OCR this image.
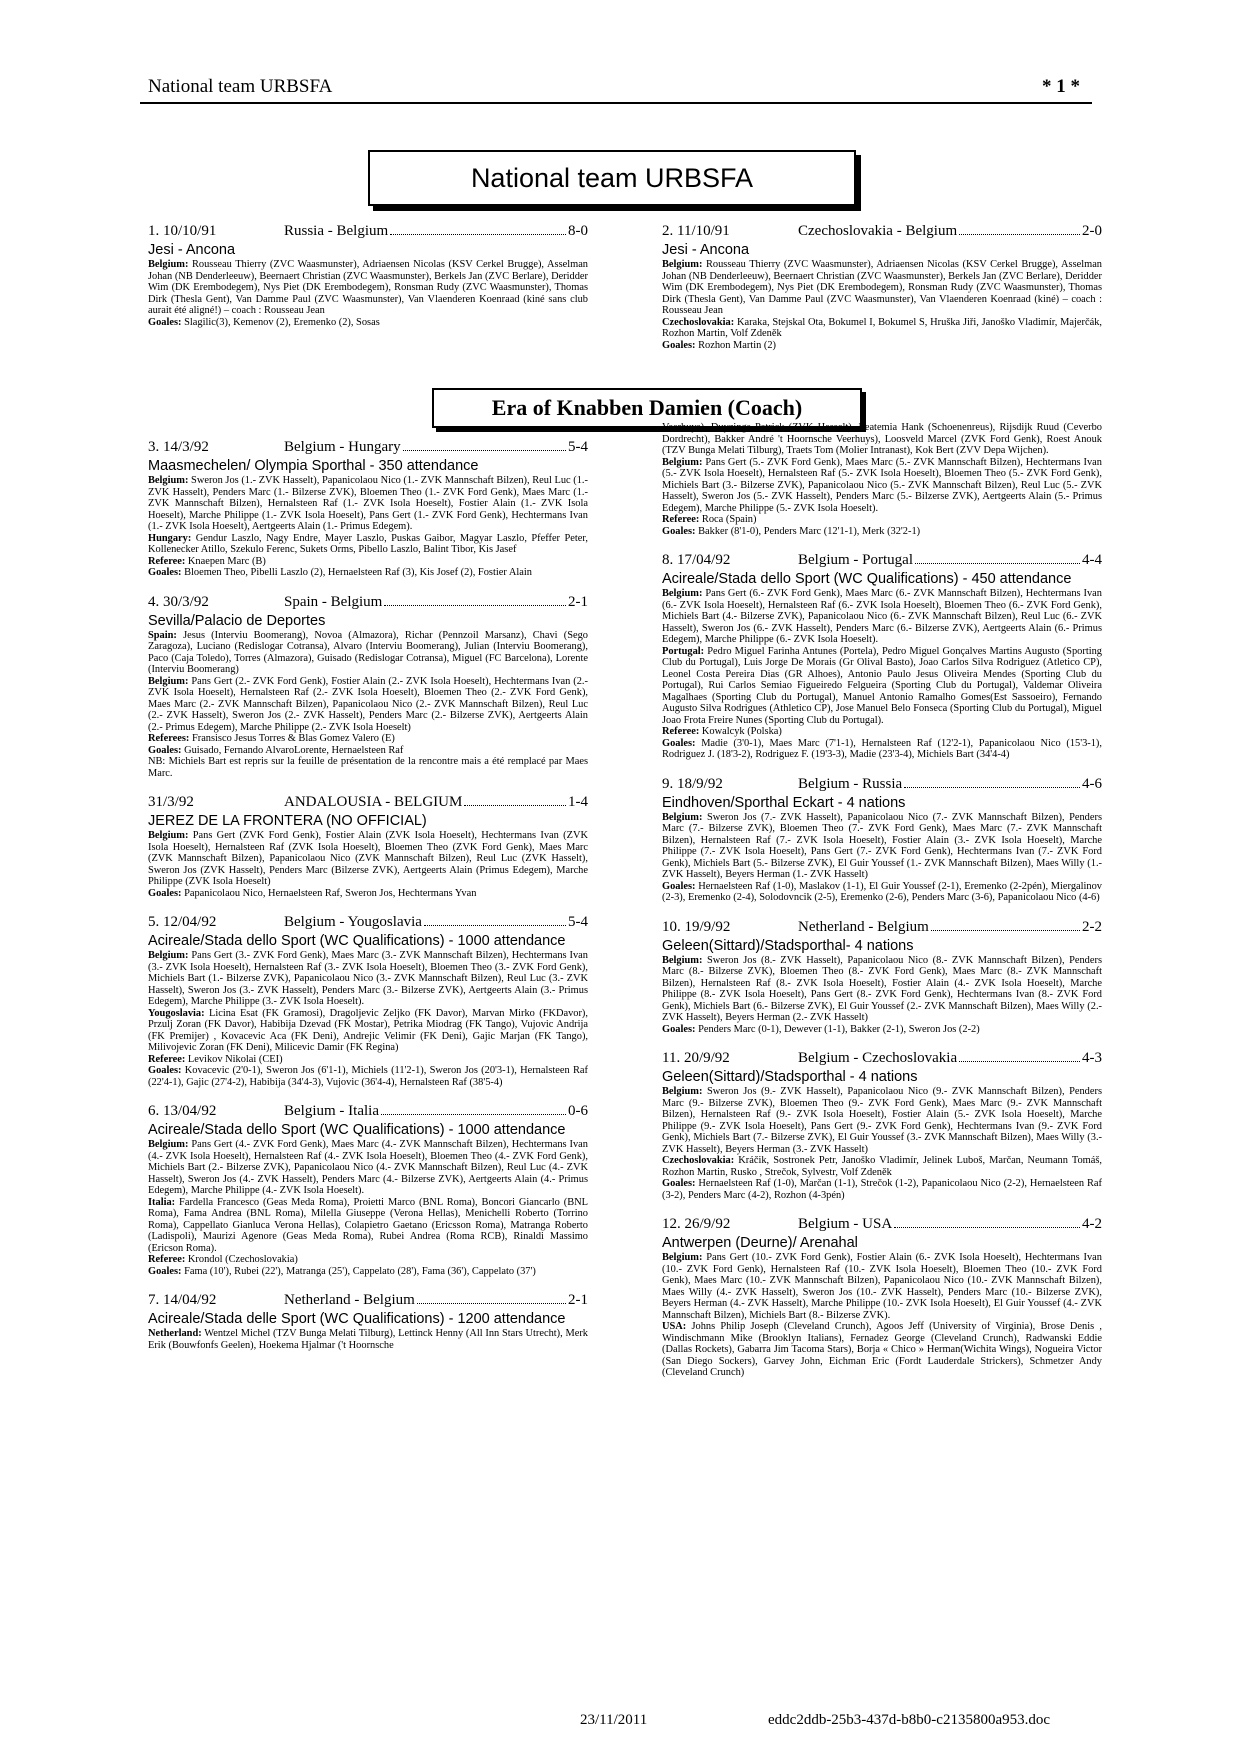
National team URBSFA	* 1 *
National team URBSFA
1. 10/10/91	Russia - Belgium	8-0
Jesi - Ancona
Belgium: Rousseau Thierry (ZVC Waasmunster), Adriaensen Nicolas (KSV Cerkel Brugge), Asselman Johan (NB Denderleeuw), Beernaert Christian (ZVC Waasmunster), Berkels Jan (ZVC Berlare), Deridder Wim (DK Erembodegem), Nys Piet (DK Erembodegem), Ronsman Rudy (ZVC Waasmunster), Thomas Dirk (Thesla Gent), Van Damme Paul (ZVC Waasmunster), Van Vlaenderen Koenraad (kiné sans club aurait été aligné!) – coach : Rousseau Jean
Goales: Slagilic(3), Kemenov (2), Eremenko (2), Sosas
2. 11/10/91	Czechoslovakia - Belgium	2-0
Jesi - Ancona
Belgium: Rousseau Thierry (ZVC Waasmunster), Adriaensen Nicolas (KSV Cerkel Brugge), Asselman Johan (NB Denderleeuw), Beernaert Christian (ZVC Waasmunster), Berkels Jan (ZVC Berlare), Deridder Wim (DK Erembodegem), Nys Piet (DK Erembodegem), Ronsman Rudy (ZVC Waasmunster), Thomas Dirk (Thesla Gent), Van Damme Paul (ZVC Waasmunster), Van Vlaenderen Koenraad (kiné) – coach : Rousseau Jean
Czechoslovakia: Karaka, Stejskal Ota, Bokumel I, Bokumel S, Hruška Jiři, Janoško Vladimír, Majerčák, Rozhon Martin, Volf Zdeněk
Goales: Rozhon Martin (2)
Era of Knabben Damien (Coach)
3. 14/3/92	Belgium - Hungary	5-4
Maasmechelen/ Olympia Sporthal - 350 attendance
Belgium: Sweron Jos (1.- ZVK Hasselt), Papanicolaou Nico (1.- ZVK Mannschaft Bilzen), Reul Luc (1.- ZVK Hasselt), Penders Marc (1.- Bilzerse ZVK), Bloemen Theo (1.- ZVK Ford Genk), Maes Marc (1.- ZVK Mannschaft Bilzen), Hernalsteen Raf (1.- ZVK Isola Hoeselt), Fostier Alain (1.- ZVK Isola Hoeselt), Marche Philippe (1.- ZVK Isola Hoeselt), Pans Gert (1.- ZVK Ford Genk), Hechtermans Ivan (1.- ZVK Isola Hoeselt), Aertgeerts Alain (1.- Primus Edegem).
Hungary: Gendur Laszlo, Nagy Endre, Mayer Laszlo, Puskas Gaibor, Magyar Laszlo, Pfeffer Peter, Kollenecker Atillo, Szekulo Ferenc, Sukets Orms, Pibello Laszlo, Balint Tibor, Kis Jasef
Referee: Knaepen Marc (B)
Goales: Bloemen Theo, Pibelli Laszlo (2), Hernaelsteen Raf (3), Kis Josef (2), Fostier Alain
4. 30/3/92	Spain - Belgium	2-1
Sevilla/Palacio de Deportes
Spain: Jesus (Interviu Boomerang), Novoa (Almazora), Richar (Pennzoil Marsanz), Chavi (Sego Zaragoza), Luciano (Redislogar Cotransa), Alvaro (Interviu Boomerang), Julian (Interviu Boomerang), Paco (Caja Toledo), Torres (Almazora), Guisado (Redislogar Cotransa), Miguel (FC Barcelona), Lorente (Interviu Boomerang)
Belgium: Pans Gert (2.- ZVK Ford Genk), Fostier Alain (2.- ZVK Isola Hoeselt), Hechtermans Ivan (2.- ZVK Isola Hoeselt), Hernalsteen Raf (2.- ZVK Isola Hoeselt), Bloemen Theo (2.- ZVK Ford Genk), Maes Marc (2.- ZVK Mannschaft Bilzen), Papanicolaou Nico (2.- ZVK Mannschaft Bilzen), Reul Luc (2.- ZVK Hasselt), Sweron Jos (2.- ZVK Hasselt), Penders Marc (2.- Bilzerse ZVK), Aertgeerts Alain (2.- Primus Edegem), Marche Philippe (2.- ZVK Isola Hoeselt)
Referees: Fransisco Jesus Torres & Blas Gomez Valero (E)
Goales: Guisado, Fernando AlvaroLorente, Hernaelsteen Raf
NB: Michiels Bart est repris sur la feuille de présentation de la rencontre mais a été remplacé par Maes Marc.
31/3/92	ANDALOUSIA - BELGIUM	1-4
JEREZ DE LA FRONTERA (NO OFFICIAL)
Belgium: Pans Gert (ZVK Ford Genk), Fostier Alain (ZVK Isola Hoeselt), Hechtermans Ivan (ZVK Isola Hoeselt), Hernalsteen Raf (ZVK Isola Hoeselt), Bloemen Theo (ZVK Ford Genk), Maes Marc (ZVK Mannschaft Bilzen), Papanicolaou Nico (ZVK Mannschaft Bilzen), Reul Luc (ZVK Hasselt), Sweron Jos (ZVK Hasselt), Penders Marc (Bilzerse ZVK), Aertgeerts Alain (Primus Edegem), Marche Philippe (ZVK Isola Hoeselt)
Goales: Papanicolaou Nico, Hernaelsteen Raf, Sweron Jos, Hechtermans Yvan
5. 12/04/92	Belgium - Yougoslavia	5-4
Acireale/Stada dello Sport (WC Qualifications) - 1000 attendance
Belgium: Pans Gert (3.- ZVK Ford Genk), Maes Marc (3.- ZVK Mannschaft Bilzen), Hechtermans Ivan (3.- ZVK Isola Hoeselt), Hernalsteen Raf (3.- ZVK Isola Hoeselt), Bloemen Theo (3.- ZVK Ford Genk), Michiels Bart (1.- Bilzerse ZVK), Papanicolaou Nico (3.- ZVK Mannschaft Bilzen), Reul Luc (3.- ZVK Hasselt), Sweron Jos (3.- ZVK Hasselt), Penders Marc (3.- Bilzerse ZVK), Aertgeerts Alain (3.- Primus Edegem), Marche Philippe (3.- ZVK Isola Hoeselt).
Yougoslavia: Licina Esat (FK Gramosi), Dragoljevic Zeljko (FK Davor), Marvan Mirko (FKDavor), Przulj Zoran (FK Davor), Habibija Dzevad (FK Mostar), Petrika Miodrag (FK Tango), Vujovic Andrija (FK Premijer) , Kovacevic Aca (FK Deni), Andrejic Velimir (FK Deni), Gajic Marjan (FK Tango), Milivojevic Zoran (FK Deni), Milicevic Damir (FK Regina)
Referee: Levikov Nikolai (CEI)
Goales: Kovacevic (2'0-1), Sweron Jos (6'1-1), Michiels (11'2-1), Sweron Jos (20'3-1), Hernalsteen Raf (22'4-1), Gajic (27'4-2), Habibija (34'4-3), Vujovic (36'4-4), Hernalsteen Raf (38'5-4)
6. 13/04/92	Belgium - Italia	0-6
Acireale/Stada dello Sport (WC Qualifications) - 1000 attendance
Belgium: Pans Gert (4.- ZVK Ford Genk), Maes Marc (4.- ZVK Mannschaft Bilzen), Hechtermans Ivan (4.- ZVK Isola Hoeselt), Hernalsteen Raf (4.- ZVK Isola Hoeselt), Bloemen Theo (4.- ZVK Ford Genk), Michiels Bart (2.- Bilzerse ZVK), Papanicolaou Nico (4.- ZVK Mannschaft Bilzen), Reul Luc (4.- ZVK Hasselt), Sweron Jos (4.- ZVK Hasselt), Penders Marc (4.- Bilzerse ZVK), Aertgeerts Alain (4.- Primus Edegem), Marche Philippe (4.- ZVK Isola Hoeselt).
Italia: Fardella Francesco (Geas Meda Roma), Proietti Marco (BNL Roma), Boncori Giancarlo (BNL Roma), Fama Andrea (BNL Roma), Milella Giuseppe (Verona Hellas), Menichelli Roberto (Torrino Roma), Cappellato Gianluca Verona Hellas), Colapietro Gaetano (Ericsson Roma), Matranga Roberto (Ladispoli), Maurizi Agenore (Geas Meda Roma), Rubei Andrea (Roma RCB), Rinaldi Massimo (Ericson Roma).
Referee: Krondol (Czechoslovakia)
Goales: Fama (10'), Rubei (22'), Matranga (25'), Cappelato (28'), Fama (36'), Cappelato (37')
7. 14/04/92	Netherland - Belgium	2-1
Acireale/Stada delle Sport (WC Qualifications) - 1200 attendance
Netherland: Wentzel Michel (TZV Bunga Melati Tilburg), Lettinck Henny (All Inn Stars Utrecht), Merk Erik (Bouwfonfs Geelen), Hoekema Hjalmar ('t Hoornsche
Veerhuys), Duyzings Patrick (ZVK Hasselt), Leatemia Hank (Schoenenreus), Rijsdijk Ruud (Ceverbo Dordrecht), Bakker André 't Hoornsche Veerhuys), Loosveld Marcel (ZVK Ford Genk), Roest Anouk (TZV Bunga Melati Tilburg), Traets Tom (Molier Intranast), Kok Bert (ZVV Depa Wijchen).
Belgium: Pans Gert (5.- ZVK Ford Genk), Maes Marc (5.- ZVK Mannschaft Bilzen), Hechtermans Ivan (5.- ZVK Isola Hoeselt), Hernalsteen Raf (5.- ZVK Isola Hoeselt), Bloemen Theo (5.- ZVK Ford Genk), Michiels Bart (3.- Bilzerse ZVK), Papanicolaou Nico (5.- ZVK Mannschaft Bilzen), Reul Luc (5.- ZVK Hasselt), Sweron Jos (5.- ZVK Hasselt), Penders Marc (5.- Bilzerse ZVK), Aertgeerts Alain (5.- Primus Edegem), Marche Philippe (5.- ZVK Isola Hoeselt).
Referee: Roca (Spain)
Goales: Bakker (8'1-0), Penders Marc (12'1-1), Merk (32'2-1)
8. 17/04/92	Belgium - Portugal	4-4
Acireale/Stada dello Sport (WC Qualifications) - 450 attendance
Belgium: Pans Gert (6.- ZVK Ford Genk), Maes Marc (6.- ZVK Mannschaft Bilzen), Hechtermans Ivan (6.- ZVK Isola Hoeselt), Hernalsteen Raf (6.- ZVK Isola Hoeselt), Bloemen Theo (6.- ZVK Ford Genk), Michiels Bart (4.- Bilzerse ZVK), Papanicolaou Nico (6.- ZVK Mannschaft Bilzen), Reul Luc (6.- ZVK Hasselt), Sweron Jos (6.- ZVK Hasselt), Penders Marc (6.- Bilzerse ZVK), Aertgeerts Alain (6.- Primus Edegem), Marche Philippe (6.- ZVK Isola Hoeselt).
Portugal: Pedro Miguel Farinha Antunes (Portela), Pedro Miguel Gonçalves Martins Augusto (Sporting Club du Portugal), Luis Jorge De Morais (Gr Olival Basto), Joao Carlos Silva Rodriguez (Atletico CP), Leonel Costa Pereira Dias (GR Alhoes), Antonio Paulo Jesus Oliveira Mendes (Sporting Club du Portugal), Rui Carlos Semiao Figueiredo Felgueira (Sporting Club du Portugal), Valdemar Oliveira Magalhaes (Sporting Club du Portugal), Manuel Antonio Ramalho Gomes(Est Sassoeiro), Fernando Augusto Silva Rodrigues (Athletico CP), Jose Manuel Belo Fonseca (Sporting Club du Portugal), Miguel Joao Frota Freire Nunes (Sporting Club du Portugal).
Referee: Kowalcyk (Polska)
Goales: Madie (3'0-1), Maes Marc (7'1-1), Hernalsteen Raf (12'2-1), Papanicolaou Nico (15'3-1), Rodriguez J. (18'3-2), Rodriguez F. (19'3-3), Madie (23'3-4), Michiels Bart (34'4-4)
9. 18/9/92	Belgium - Russia	4-6
Eindhoven/Sporthal Eckart - 4 nations
Belgium: Sweron Jos (7.- ZVK Hasselt), Papanicolaou Nico (7.- ZVK Mannschaft Bilzen), Penders Marc (7.- Bilzerse ZVK), Bloemen Theo (7.- ZVK Ford Genk), Maes Marc (7.- ZVK Mannschaft Bilzen), Hernalsteen Raf (7.- ZVK Isola Hoeselt), Fostier Alain (3.- ZVK Isola Hoeselt), Marche Philippe (7.- ZVK Isola Hoeselt), Pans Gert (7.- ZVK Ford Genk), Hechtermans Ivan (7.- ZVK Ford Genk), Michiels Bart (5.- Bilzerse ZVK), El Guir Youssef (1.- ZVK Mannschaft Bilzen), Maes Willy (1.- ZVK Hasselt), Beyers Herman (1.- ZVK Hasselt)
Goales: Hernaelsteen Raf (1-0), Maslakov (1-1), El Guir Youssef (2-1), Eremenko (2-2pén), Miergalinov (2-3), Eremenko (2-4), Solodovncik (2-5), Eremenko (2-6), Penders Marc (3-6), Papanicolaou Nico (4-6)
10. 19/9/92	Netherland - Belgium	2-2
Geleen(Sittard)/Stadsporthal- 4 nations
Belgium: Sweron Jos (8.- ZVK Hasselt), Papanicolaou Nico (8.- ZVK Mannschaft Bilzen), Penders Marc (8.- Bilzerse ZVK), Bloemen Theo (8.- ZVK Ford Genk), Maes Marc (8.- ZVK Mannschaft Bilzen), Hernalsteen Raf (8.- ZVK Isola Hoeselt), Fostier Alain (4.- ZVK Isola Hoeselt), Marche Philippe (8.- ZVK Isola Hoeselt), Pans Gert (8.- ZVK Ford Genk), Hechtermans Ivan (8.- ZVK Ford Genk), Michiels Bart (6.- Bilzerse ZVK), El Guir Youssef (2.- ZVK Mannschaft Bilzen), Maes Willy (2.- ZVK Hasselt), Beyers Herman (2.- ZVK Hasselt)
Goales: Penders Marc (0-1), Dewever (1-1), Bakker (2-1), Sweron Jos (2-2)
11. 20/9/92	Belgium - Czechoslovakia	4-3
Geleen(Sittard)/Stadsporthal - 4 nations
Belgium: Sweron Jos (9.- ZVK Hasselt), Papanicolaou Nico (9.- ZVK Mannschaft Bilzen), Penders Marc (9.- Bilzerse ZVK), Bloemen Theo (9.- ZVK Ford Genk), Maes Marc (9.- ZVK Mannschaft Bilzen), Hernalsteen Raf (9.- ZVK Isola Hoeselt), Fostier Alain (5.- ZVK Isola Hoeselt), Marche Philippe (9.- ZVK Isola Hoeselt), Pans Gert (9.- ZVK Ford Genk), Hechtermans Ivan (9.- ZVK Ford Genk), Michiels Bart (7.- Bilzerse ZVK), El Guir Youssef (3.- ZVK Mannschaft Bilzen), Maes Willy (3.- ZVK Hasselt), Beyers Herman (3.- ZVK Hasselt)
Czechoslovakia: Kráčik, Sostronek Petr, Janoško Vladimír, Jelinek Luboš, Marčan, Neumann Tomáš, Rozhon Martin, Rusko , Strečok, Sylvestr, Volf Zdeněk
Goales: Hernaelsteen Raf (1-0), Marčan (1-1), Strečok (1-2), Papanicolaou Nico (2-2), Hernaelsteen Raf (3-2), Penders Marc (4-2), Rozhon (4-3pén)
12. 26/9/92	Belgium - USA	4-2
Antwerpen (Deurne)/ Arenahal
Belgium: Pans Gert (10.- ZVK Ford Genk), Fostier Alain (6.- ZVK Isola Hoeselt), Hechtermans Ivan (10.- ZVK Ford Genk), Hernalsteen Raf (10.- ZVK Isola Hoeselt), Bloemen Theo (10.- ZVK Ford Genk), Maes Marc (10.- ZVK Mannschaft Bilzen), Papanicolaou Nico (10.- ZVK Mannschaft Bilzen), Maes Willy (4.- ZVK Hasselt), Sweron Jos (10.- ZVK Hasselt), Penders Marc (10.- Bilzerse ZVK), Beyers Herman (4.- ZVK Hasselt), Marche Philippe (10.- ZVK Isola Hoeselt), El Guir Youssef (4.- ZVK Mannschaft Bilzen), Michiels Bart (8.- Bilzerse ZVK).
USA: Johns Philip Joseph (Cleveland Crunch), Agoos Jeff (University of Virginia), Brose Denis , Windischmann Mike (Brooklyn Italians), Fernadez George (Cleveland Crunch), Radwanski Eddie (Dallas Rockets), Gabarra Jim Tacoma Stars), Borja « Chico » Herman(Wichita Wings), Nogueira Victor (San Diego Sockers), Garvey John, Eichman Eric (Fordt Lauderdale Strickers), Schmetzer Andy (Cleveland Crunch)
23/11/2011	eddc2ddb-25b3-437d-b8b0-c2135800a953.doc
